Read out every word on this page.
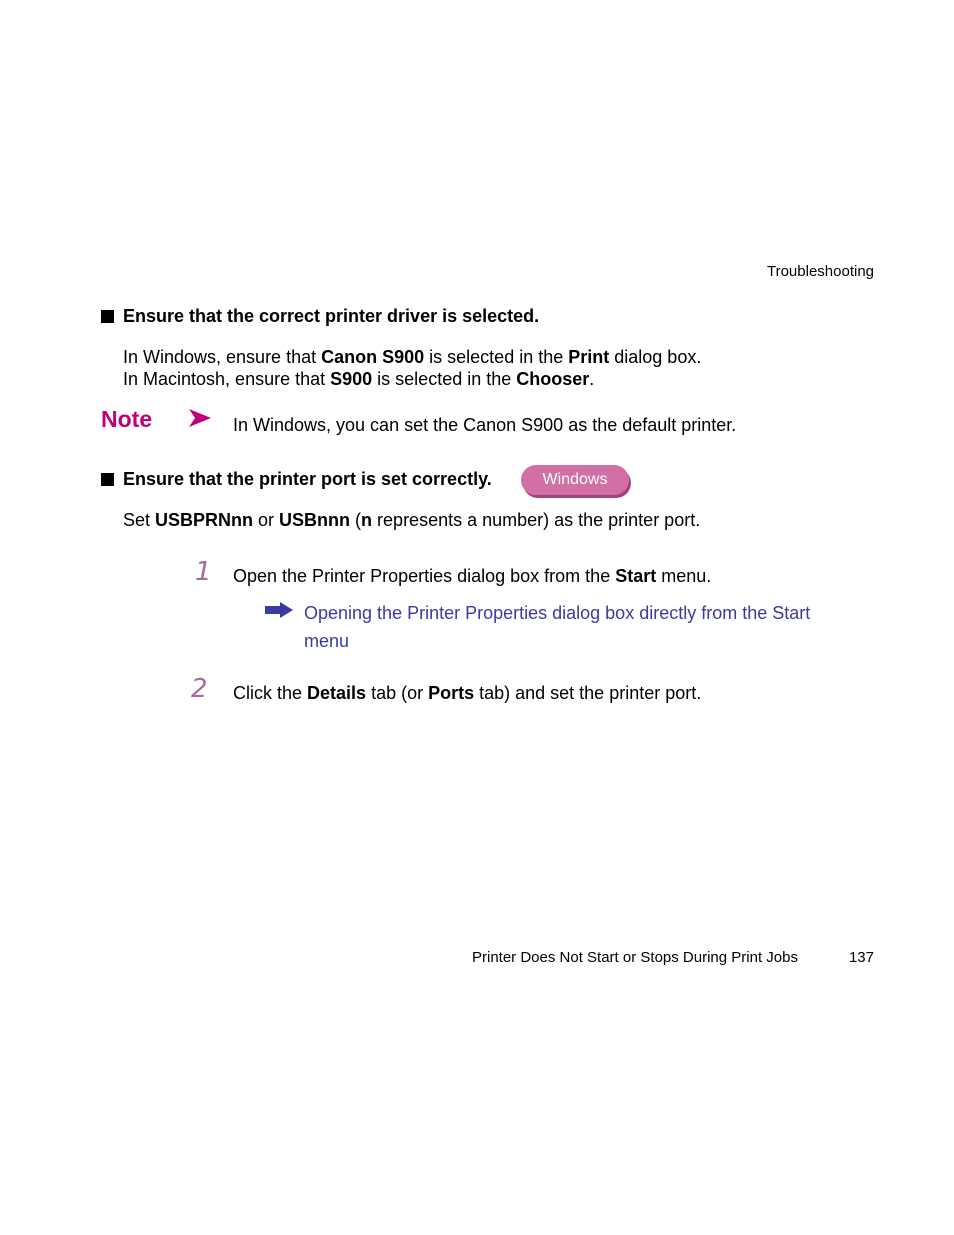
Troubleshooting
Ensure that the correct printer driver is selected.
In Windows, ensure that Canon S900 is selected in the Print dialog box.
In Macintosh, ensure that S900 is selected in the Chooser.
Note	In Windows, you can set the Canon S900 as the default printer.
Ensure that the printer port is set correctly.	Windows
Set USBPRNnn or USBnnn (n represents a number) as the printer port.
1 Open the Printer Properties dialog box from the Start menu.
Opening the Printer Properties dialog box directly from the Start menu
2 Click the Details tab (or Ports tab) and set the printer port.
Printer Does Not Start or Stops During Print Jobs	137
